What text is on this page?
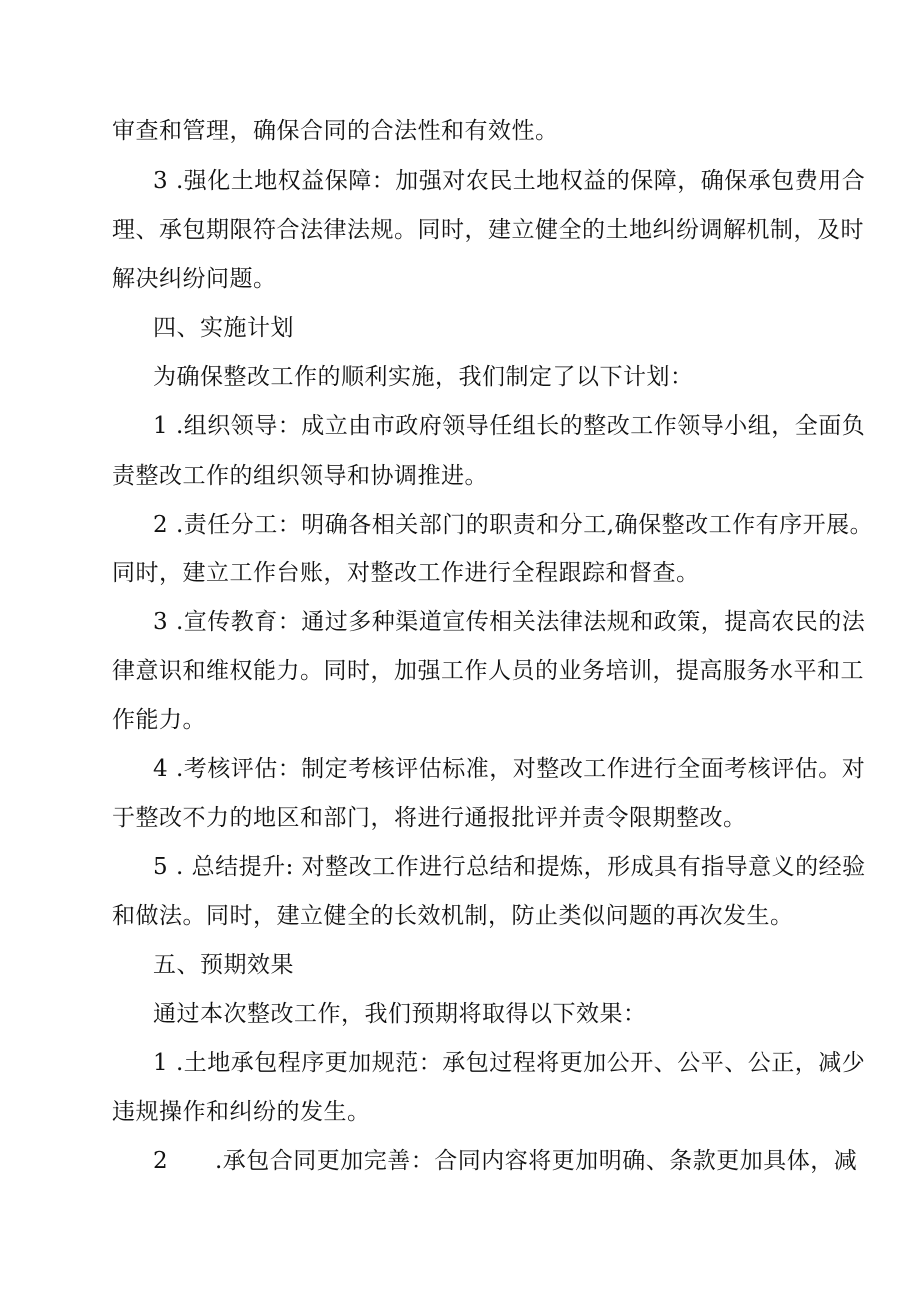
审查和管理，确保合同的合法性和有效性。
3 .强化土地权益保障：加强对农民土地权益的保障，确保承包费用合
理、承包期限符合法律法规。同时，建立健全的土地纠纷调解机制，及时
解决纠纷问题。
四、实施计划
为确保整改工作的顺利实施，我们制定了以下计划：
1 .组织领导：成立由市政府领导任组长的整改工作领导小组，全面负
责整改工作的组织领导和协调推进。
2 .责任分工：明确各相关部门的职责和分工,确保整改工作有序开展。
同时，建立工作台账，对整改工作进行全程跟踪和督查。
3 .宣传教育：通过多种渠道宣传相关法律法规和政策，提高农民的法
律意识和维权能力。同时，加强工作人员的业务培训，提高服务水平和工
作能力。
4 .考核评估：制定考核评估标准，对整改工作进行全面考核评估。对
于整改不力的地区和部门，将进行通报批评并责令限期整改。
5 . 总结提升: 对整改工作进行总结和提炼，形成具有指导意义的经验
和做法。同时，建立健全的长效机制，防止类似问题的再次发生。
五、预期效果
通过本次整改工作，我们预期将取得以下效果：
1 .土地承包程序更加规范：承包过程将更加公开、公平、公正，减少
违规操作和纠纷的发生。
2      .承包合同更加完善：合同内容将更加明确、条款更加具体，减
